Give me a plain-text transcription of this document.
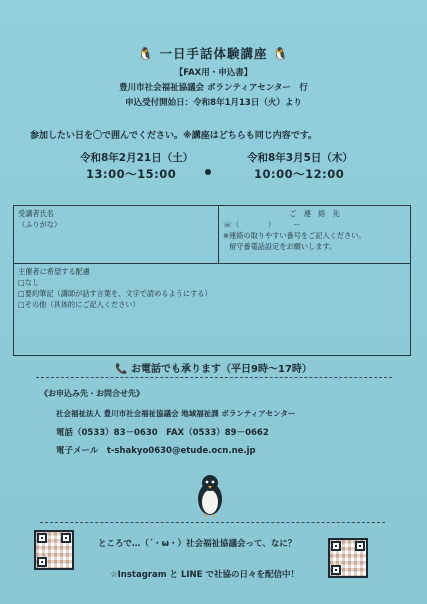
🐧 一日手話体験講座 🐧
【FAX用・申込書】
豊川市社会福祉協議会 ボランティアセンター　行
申込受付開始日：令和8年1月13日（火）より
参加したい日を〇で囲んでください。※講座はどちらも同じ内容です。
令和8年2月21日（土）
13:00～15:00
令和8年3月5日（木）
10:00～12:00
受講者氏名
（ふりがな）

ご　連　絡　先
☏（　　　　）　　　ー
※連絡の取りやすい番号をご記入ください。
留守番電話設定をお願いします。

主催者に希望する配慮
□なし
□要約筆記（講師が話す言葉を、文字で読めるようにする）
□その他（具体的にご記入ください）
📞 お電話でも承ります（平日9時～17時）
《お申込み先・お問合せ先》
社会福祉法人 豊川市社会福祉協議会 地域福祉課 ボランティアセンター
電話（0533）83－0630　FAX（0533）89－0662
電子メール　t-shakyo0630@etude.ocn.ne.jp
ところで…（´・ω・）社会福祉協議会って、なに？
☆Instagram と LINE で社協の日々を配信中！
